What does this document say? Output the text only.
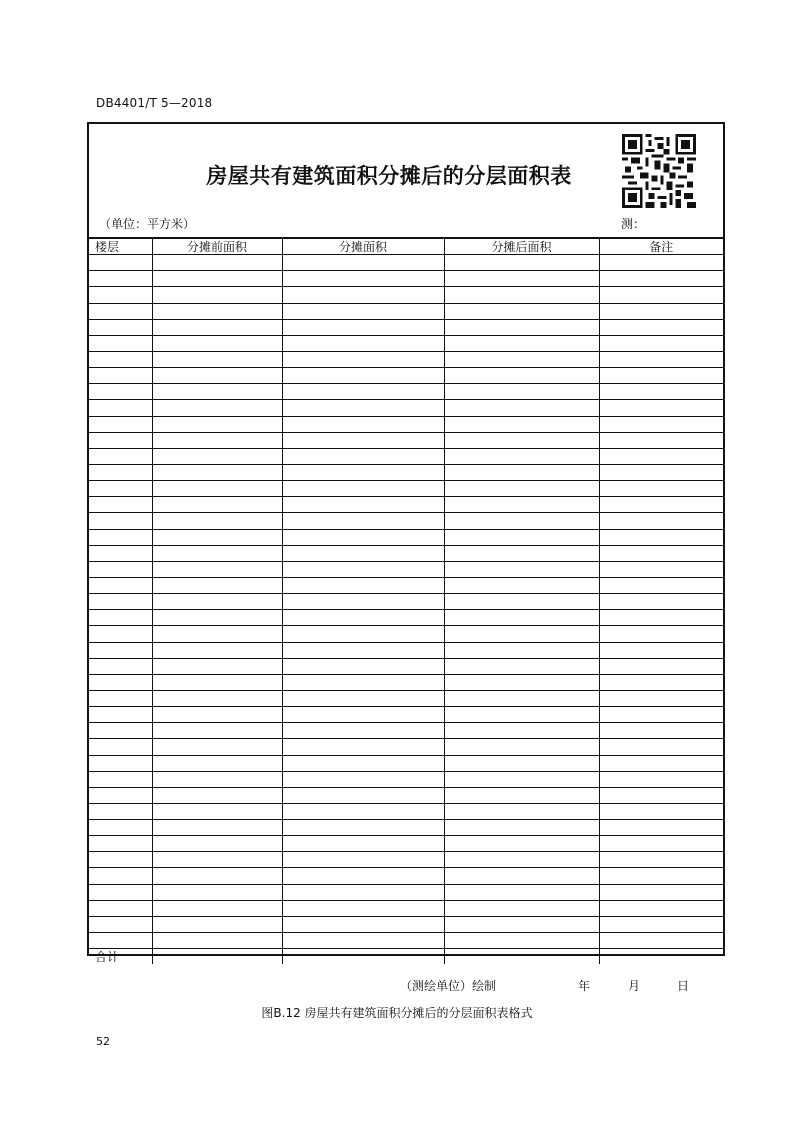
DB4401/T 5—2018
房屋共有建筑面积分摊后的分层面积表
（单位：平方米）	测：
楼层	分摊前面积	分摊面积	分摊后面积	备注

合计				
（测绘单位）绘制	年	月	日
图B.12 房屋共有建筑面积分摊后的分层面积表格式
52
